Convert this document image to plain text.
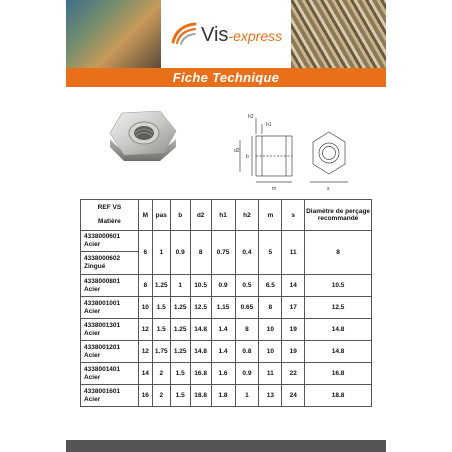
Vis-express
Fiche Technique
h2
h1
b
d2
m	s
REF VS
Matière	M	pas	b	d2	h1	h2	m	s	Diamètre de perçage recommandé

4338000601
Acier	6	1	0.9	8	0.75	0.4	5	11	8

4338000602
Zingué									

4338000801
Acier	8	1.25	1	10.5	0.9	0.5	6.5	14	10.5

4338001001
Acier	10	1.5	1.25	12.5	1.15	0.65	8	17	12.5

4338001301
Acier	12	1.5	1.25	14.8	1.4	8	10	19	14.8

4338001201
Acier	12	1.75	1.25	14.8	1.4	0.8	10	19	14.8

4338001401
Acier	14	2	1.5	16.8	1.6	0.9	11	22	16.8

4338001601
Acier	16	2	1.5	18.8	1.8	1	13	24	18.8
